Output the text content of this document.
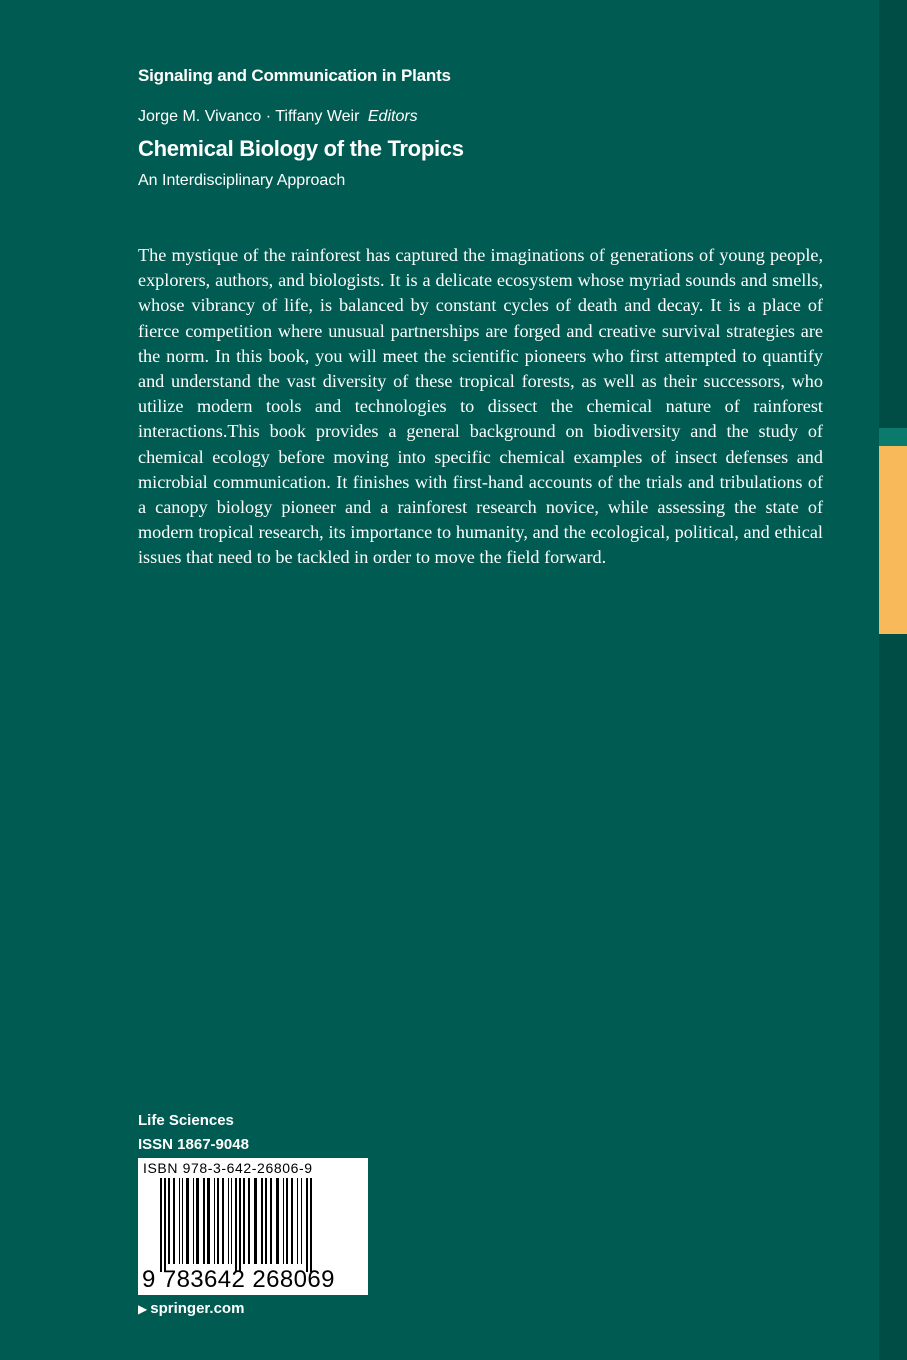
Signaling and Communication in Plants
Jorge M. Vivanco · Tiffany Weir Editors
Chemical Biology of the Tropics
An Interdisciplinary Approach

The mystique of the rainforest has captured the imaginations of generations of young people, explorers, authors, and biologists. It is a delicate ecosystem whose myriad sounds and smells, whose vibrancy of life, is balanced by constant cycles of death and decay. It is a place of fierce competition where unusual partnerships are forged and creative survival strategies are the norm. In this book, you will meet the scientific pioneers who first attempted to quantify and understand the vast diversity of these tropical forests, as well as their successors, who utilize modern tools and technologies to dissect the chemical nature of rainforest interactions.This book provides a general background on biodiversity and the study of chemical ecology before moving into specific chemical examples of insect defenses and microbial communication. It finishes with first-hand accounts of the trials and tribulations of a canopy biology pioneer and a rainforest research novice, while assessing the state of modern tropical research, its importance to humanity, and the ecological, political, and ethical issues that need to be tackled in order to move the field forward.

Life Sciences
ISSN 1867-9048
ISBN 978-3-642-26806-9
9 783642 268069
▶ springer.com
